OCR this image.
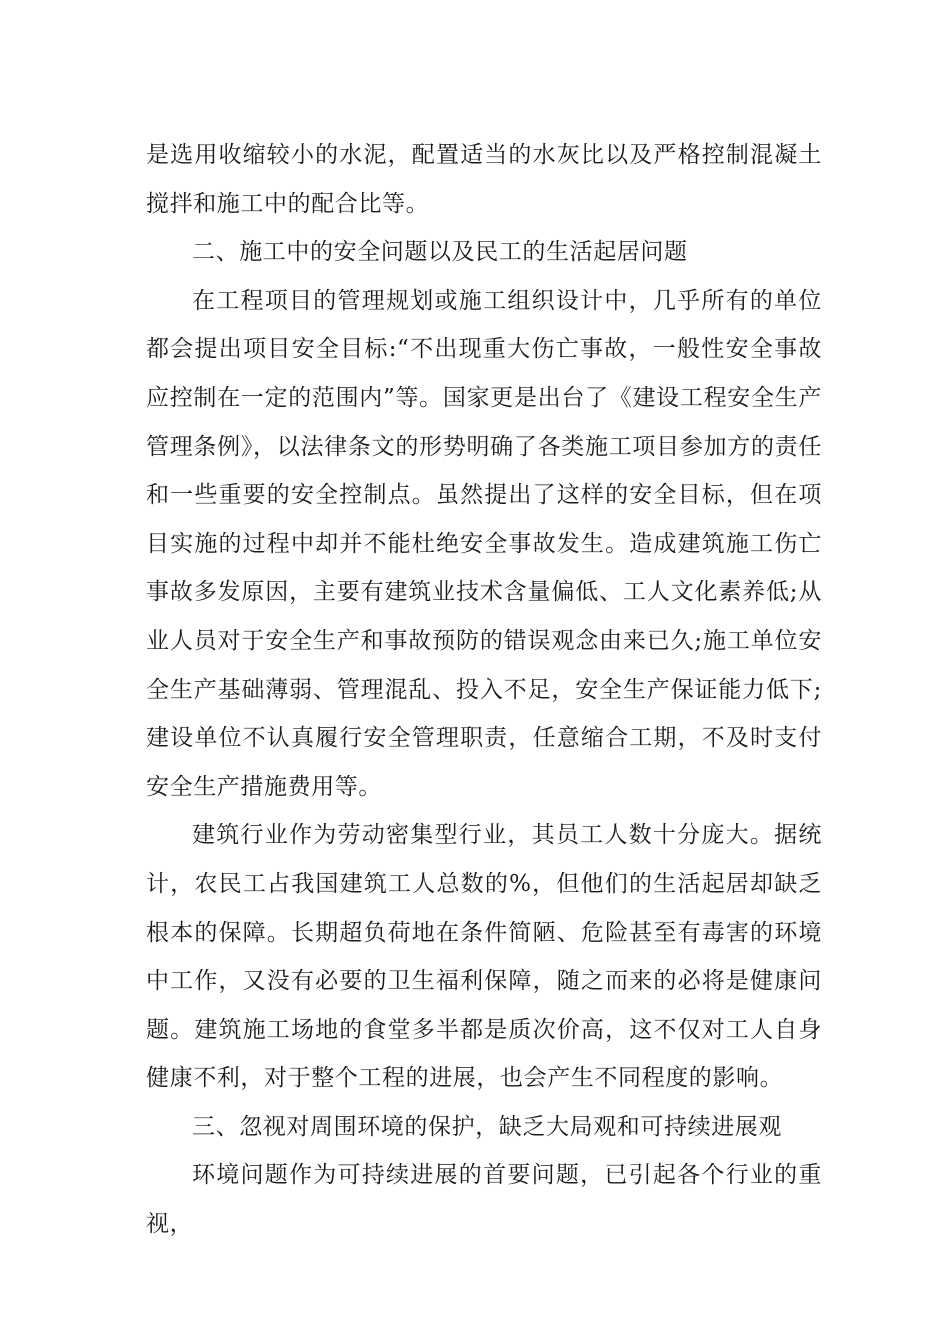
是选用收缩较小的水泥，配置适当的水灰比以及严格控制混凝土搅拌和施工中的配合比等。

二、施工中的安全问题以及民工的生活起居问题

在工程项目的管理规划或施工组织设计中，几乎所有的单位都会提出项目安全目标:“不出现重大伤亡事故，一般性安全事故应控制在一定的范围内”等。国家更是出台了《建设工程安全生产管理条例》，以法律条文的形势明确了各类施工项目参加方的责任和一些重要的安全控制点。虽然提出了这样的安全目标，但在项目实施的过程中却并不能杜绝安全事故发生。造成建筑施工伤亡事故多发原因，主要有建筑业技术含量偏低、工人文化素养低;从业人员对于安全生产和事故预防的错误观念由来已久;施工单位安全生产基础薄弱、管理混乱、投入不足，安全生产保证能力低下;建设单位不认真履行安全管理职责，任意缩合工期，不及时支付安全生产措施费用等。

建筑行业作为劳动密集型行业，其员工人数十分庞大。据统计，农民工占我国建筑工人总数的%，但他们的生活起居却缺乏根本的保障。长期超负荷地在条件简陋、危险甚至有毒害的环境中工作，又没有必要的卫生福利保障，随之而来的必将是健康问题。建筑施工场地的食堂多半都是质次价高，这不仅对工人自身健康不利，对于整个工程的进展，也会产生不同程度的影响。

三、忽视对周围环境的保护，缺乏大局观和可持续进展观

环境问题作为可持续进展的首要问题，已引起各个行业的重视，
